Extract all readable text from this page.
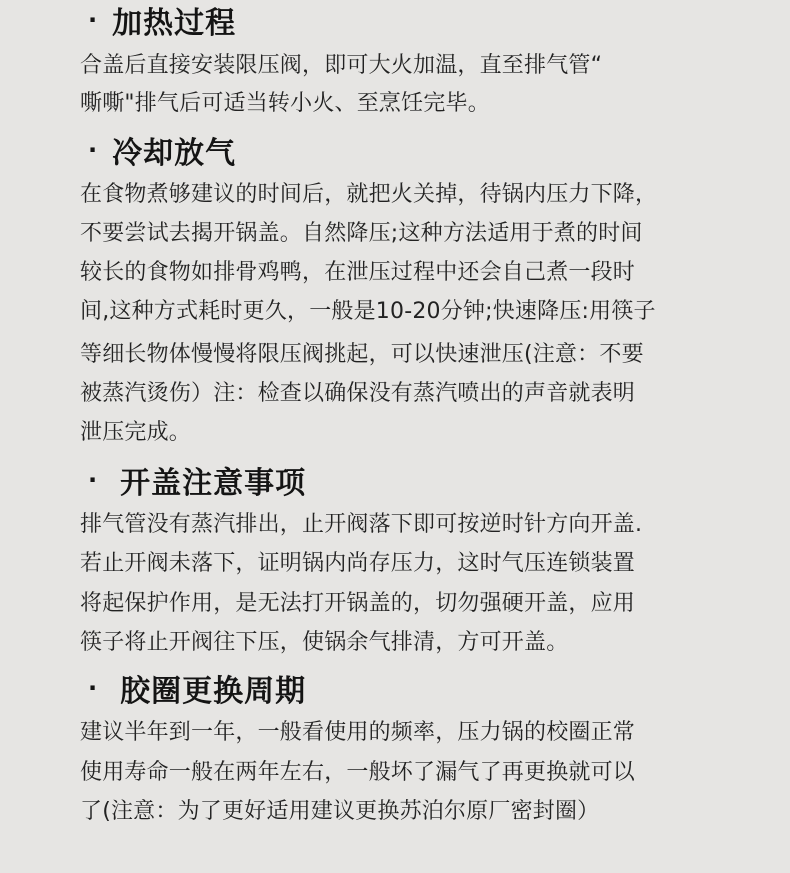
· 加热过程
合盖后直接安装限压阀，即可大火加温，直至排气管“
嘶嘶"排气后可适当转小火、至烹饪完毕。
· 冷却放气
在食物煮够建议的时间后，就把火关掉，待锅内压力下降，
不要尝试去揭开锅盖。自然降压;这种方法适用于煮的时间
较长的食物如排骨鸡鸭，在泄压过程中还会自己煮一段时
间,这种方式耗时更久，一般是10-20分钟;快速降压:用筷子
等细长物体慢慢将限压阀挑起，可以快速泄压(注意：不要
被蒸汽烫伤）注：检查以确保没有蒸汽喷出的声音就表明
泄压完成。
· 开盖注意事项
排气管没有蒸汽排出，止开阀落下即可按逆时针方向开盖.
若止开阀未落下，证明锅内尚存压力，这时气压连锁装置
将起保护作用，是无法打开锅盖的，切勿强硬开盖，应用
筷子将止开阀往下压，使锅余气排清，方可开盖。
· 胶圈更换周期
建议半年到一年，一般看使用的频率，压力锅的校圈正常
使用寿命一般在两年左右，一般坏了漏气了再更换就可以
了(注意：为了更好适用建议更换苏泊尔原厂密封圈）
